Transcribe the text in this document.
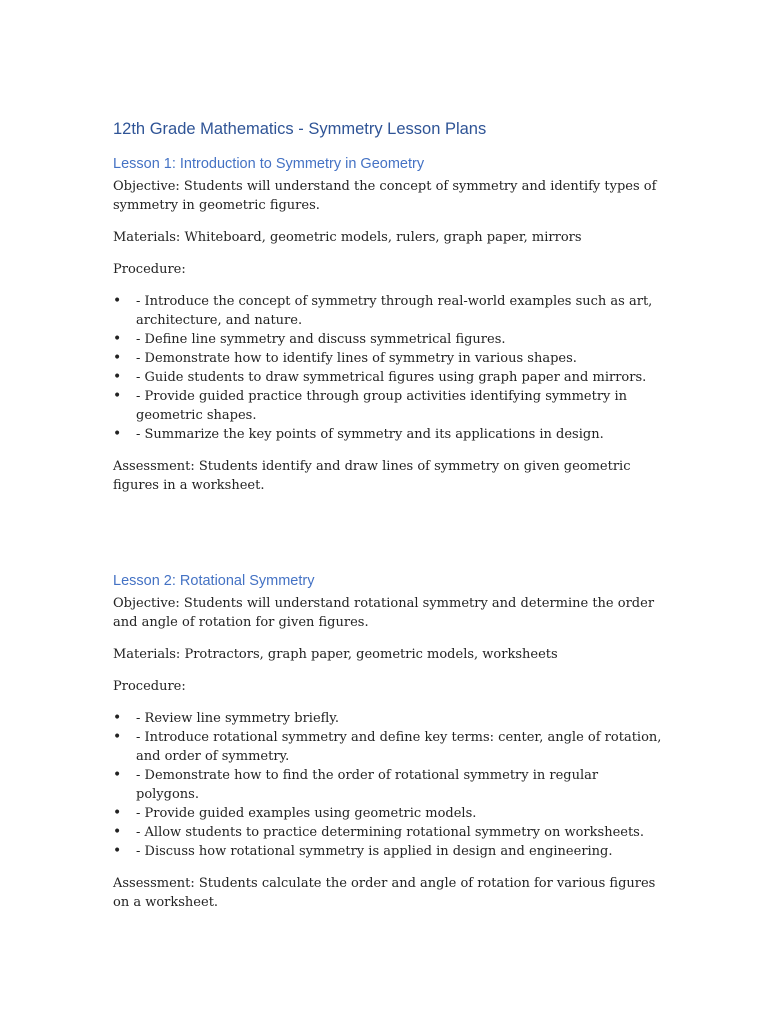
12th Grade Mathematics - Symmetry Lesson Plans
Lesson 1: Introduction to Symmetry in Geometry

Objective: Students will understand the concept of symmetry and identify types of symmetry in geometric figures.

Materials: Whiteboard, geometric models, rulers, graph paper, mirrors

Procedure:

• - Introduce the concept of symmetry through real-world examples such as art, architecture, and nature.
• - Define line symmetry and discuss symmetrical figures.
• - Demonstrate how to identify lines of symmetry in various shapes.
• - Guide students to draw symmetrical figures using graph paper and mirrors.
• - Provide guided practice through group activities identifying symmetry in geometric shapes.
• - Summarize the key points of symmetry and its applications in design.

Assessment: Students identify and draw lines of symmetry on given geometric figures in a worksheet.

Lesson 2: Rotational Symmetry

Objective: Students will understand rotational symmetry and determine the order and angle of rotation for given figures.

Materials: Protractors, graph paper, geometric models, worksheets

Procedure:

• - Review line symmetry briefly.
• - Introduce rotational symmetry and define key terms: center, angle of rotation, and order of symmetry.
• - Demonstrate how to find the order of rotational symmetry in regular polygons.
• - Provide guided examples using geometric models.
• - Allow students to practice determining rotational symmetry on worksheets.
• - Discuss how rotational symmetry is applied in design and engineering.

Assessment: Students calculate the order and angle of rotation for various figures on a worksheet.
